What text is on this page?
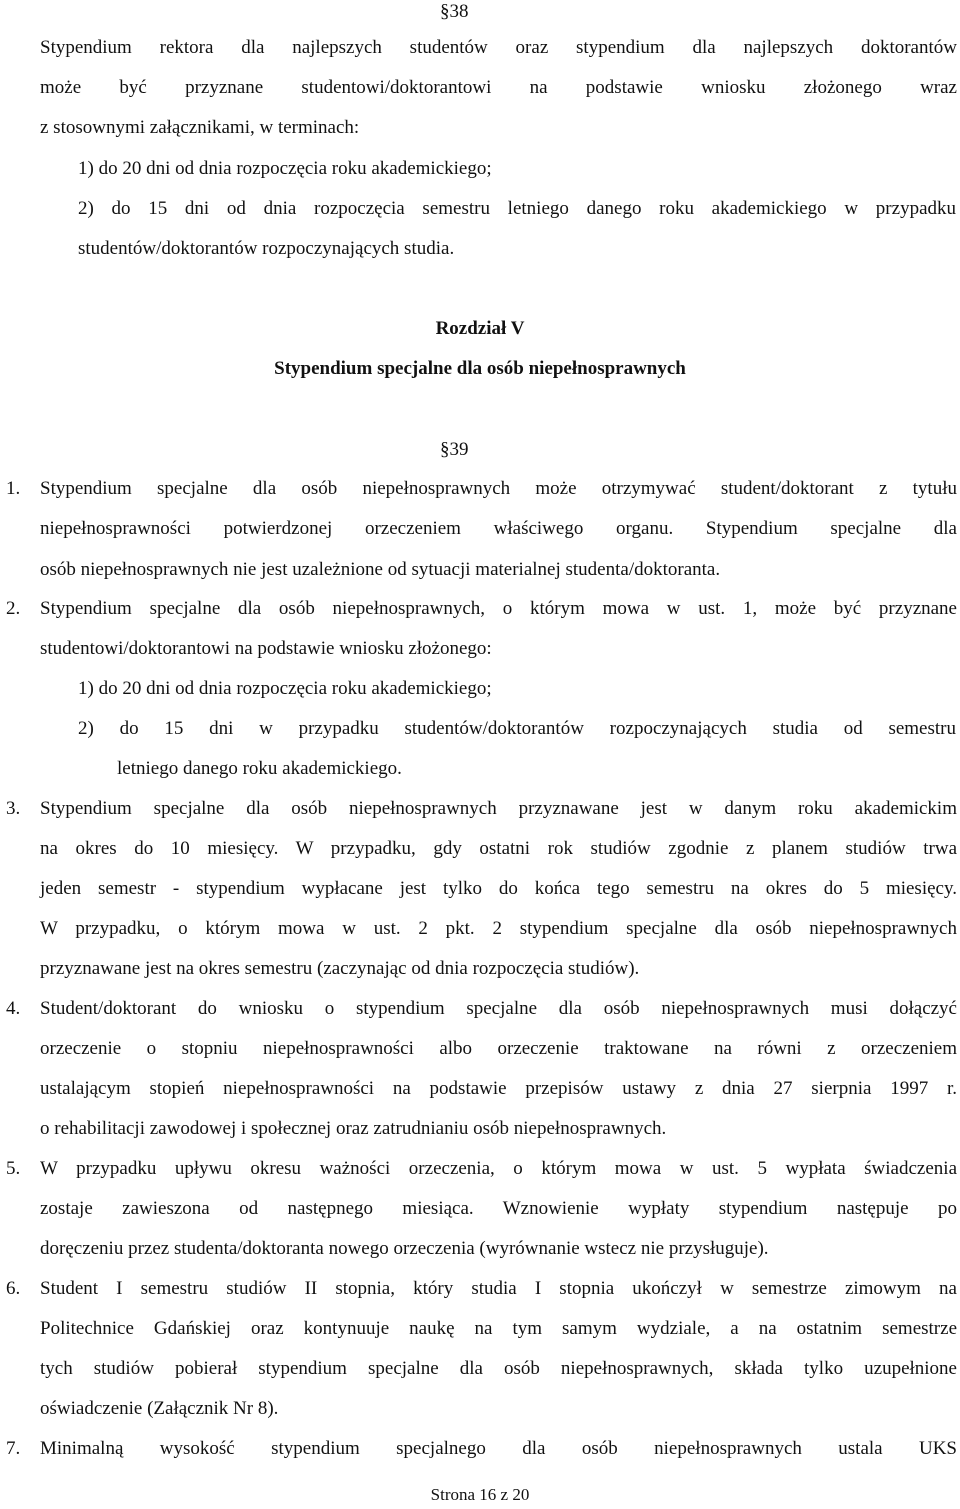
§38
Stypendium rektora dla najlepszych studentów oraz stypendium dla najlepszych doktorantów
może być przyznane studentowi/doktorantowi na podstawie wniosku złożonego wraz
z stosownymi załącznikami, w terminach:
1) do 20 dni od dnia rozpoczęcia roku akademickiego;
2) do 15 dni od dnia rozpoczęcia semestru letniego danego roku akademickiego w przypadku
studentów/doktorantów rozpoczynających studia.
Rozdział V
Stypendium specjalne dla osób niepełnosprawnych
§39
1. Stypendium specjalne dla osób niepełnosprawnych może otrzymywać student/doktorant z tytułu
niepełnosprawności potwierdzonej orzeczeniem właściwego organu. Stypendium specjalne dla
osób niepełnosprawnych nie jest uzależnione od sytuacji materialnej studenta/doktoranta.
2. Stypendium specjalne dla osób niepełnosprawnych, o którym mowa w ust. 1, może być przyznane
studentowi/doktorantowi na podstawie wniosku złożonego:
1) do 20 dni od dnia rozpoczęcia roku akademickiego;
2) do 15 dni w przypadku studentów/doktorantów rozpoczynających studia od semestru
letniego danego roku akademickiego.
3. Stypendium specjalne dla osób niepełnosprawnych przyznawane jest w danym roku akademickim
na okres do 10 miesięcy. W przypadku, gdy ostatni rok studiów zgodnie z planem studiów trwa
jeden semestr - stypendium wypłacane jest tylko do końca tego semestru na okres do 5 miesięcy.
W przypadku, o którym mowa w ust. 2 pkt. 2 stypendium specjalne dla osób niepełnosprawnych
przyznawane jest na okres semestru (zaczynając od dnia rozpoczęcia studiów).
4. Student/doktorant do wniosku o stypendium specjalne dla osób niepełnosprawnych musi dołączyć
orzeczenie o stopniu niepełnosprawności albo orzeczenie traktowane na równi z orzeczeniem
ustalającym stopień niepełnosprawności na podstawie przepisów ustawy z dnia 27 sierpnia 1997 r.
o rehabilitacji zawodowej i społecznej oraz zatrudnianiu osób niepełnosprawnych.
5. W przypadku upływu okresu ważności orzeczenia, o którym mowa w ust. 5 wypłata świadczenia
zostaje zawieszona od następnego miesiąca. Wznowienie wypłaty stypendium następuje po
doręczeniu przez studenta/doktoranta nowego orzeczenia (wyrównanie wstecz nie przysługuje).
6. Student I semestru studiów II stopnia, który studia I stopnia ukończył w semestrze zimowym na
Politechnice Gdańskiej oraz kontynuuje naukę na tym samym wydziale, a na ostatnim semestrze
tych studiów pobierał stypendium specjalne dla osób niepełnosprawnych, składa tylko uzupełnione
oświadczenie (Załącznik Nr 8).
7. Minimalną wysokość stypendium specjalnego dla osób niepełnosprawnych ustala UKS
Strona 16 z 20
